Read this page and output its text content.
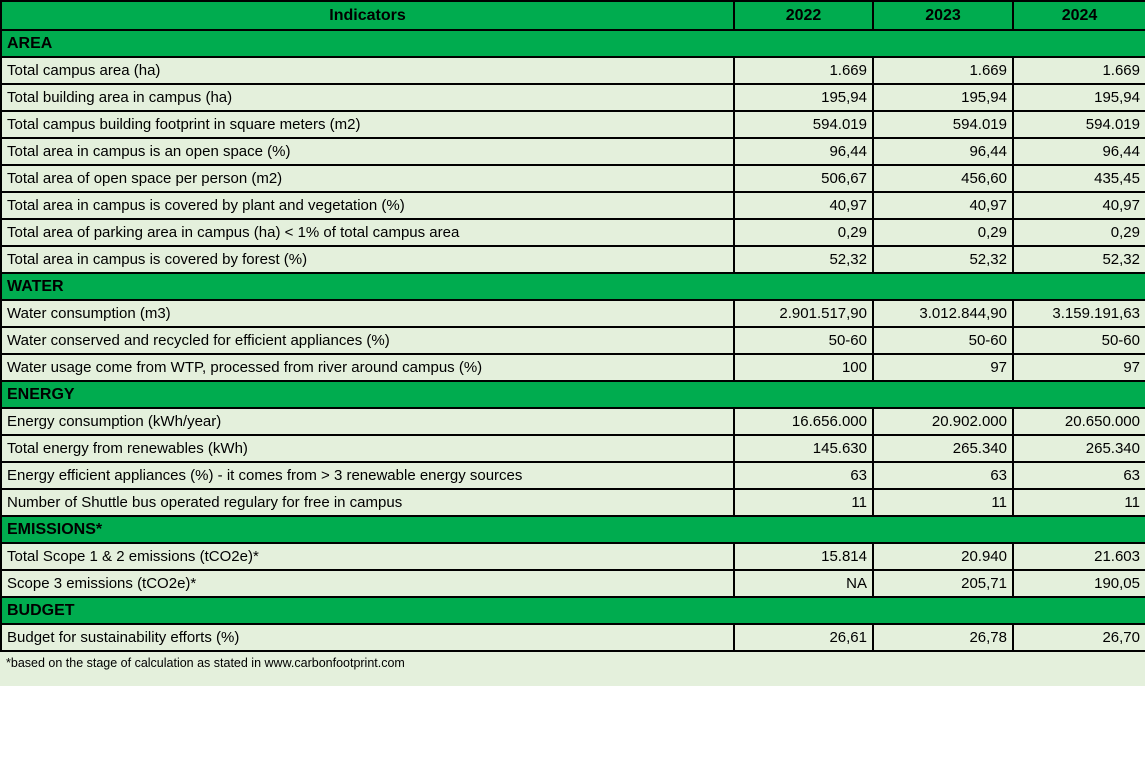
Indicators	2022	2023	2024
AREA			
Total campus area (ha)	1.669	1.669	1.669
Total building area in campus (ha)	195,94	195,94	195,94
Total campus building footprint in square meters (m2)	594.019	594.019	594.019
Total area in campus is an open space (%)	96,44	96,44	96,44
Total area of open space per person (m2)	506,67	456,60	435,45
Total area in campus is covered by plant and vegetation (%)	40,97	40,97	40,97
Total area of parking area in campus (ha) < 1% of total campus area	0,29	0,29	0,29
Total area in campus is covered by forest (%)	52,32	52,32	52,32
WATER			
Water consumption (m3)	2.901.517,90	3.012.844,90	3.159.191,63
Water conserved and recycled for efficient appliances (%)	50-60	50-60	50-60
Water usage come from WTP, processed from river around campus (%)	100	97	97
ENERGY			
Energy consumption (kWh/year)	16.656.000	20.902.000	20.650.000
Total energy from renewables (kWh)	145.630	265.340	265.340
Energy efficient appliances (%) - it comes from > 3 renewable energy sources	63	63	63
Number of Shuttle bus operated regulary for free in campus	11	11	11
EMISSIONS*			
Total Scope 1 & 2 emissions (tCO2e)*	15.814	20.940	21.603
Scope 3 emissions (tCO2e)*	NA	205,71	190,05
BUDGET			
Budget for sustainability efforts (%)	26,61	26,78	26,70
*based on the stage of calculation as stated in www.carbonfootprint.com
